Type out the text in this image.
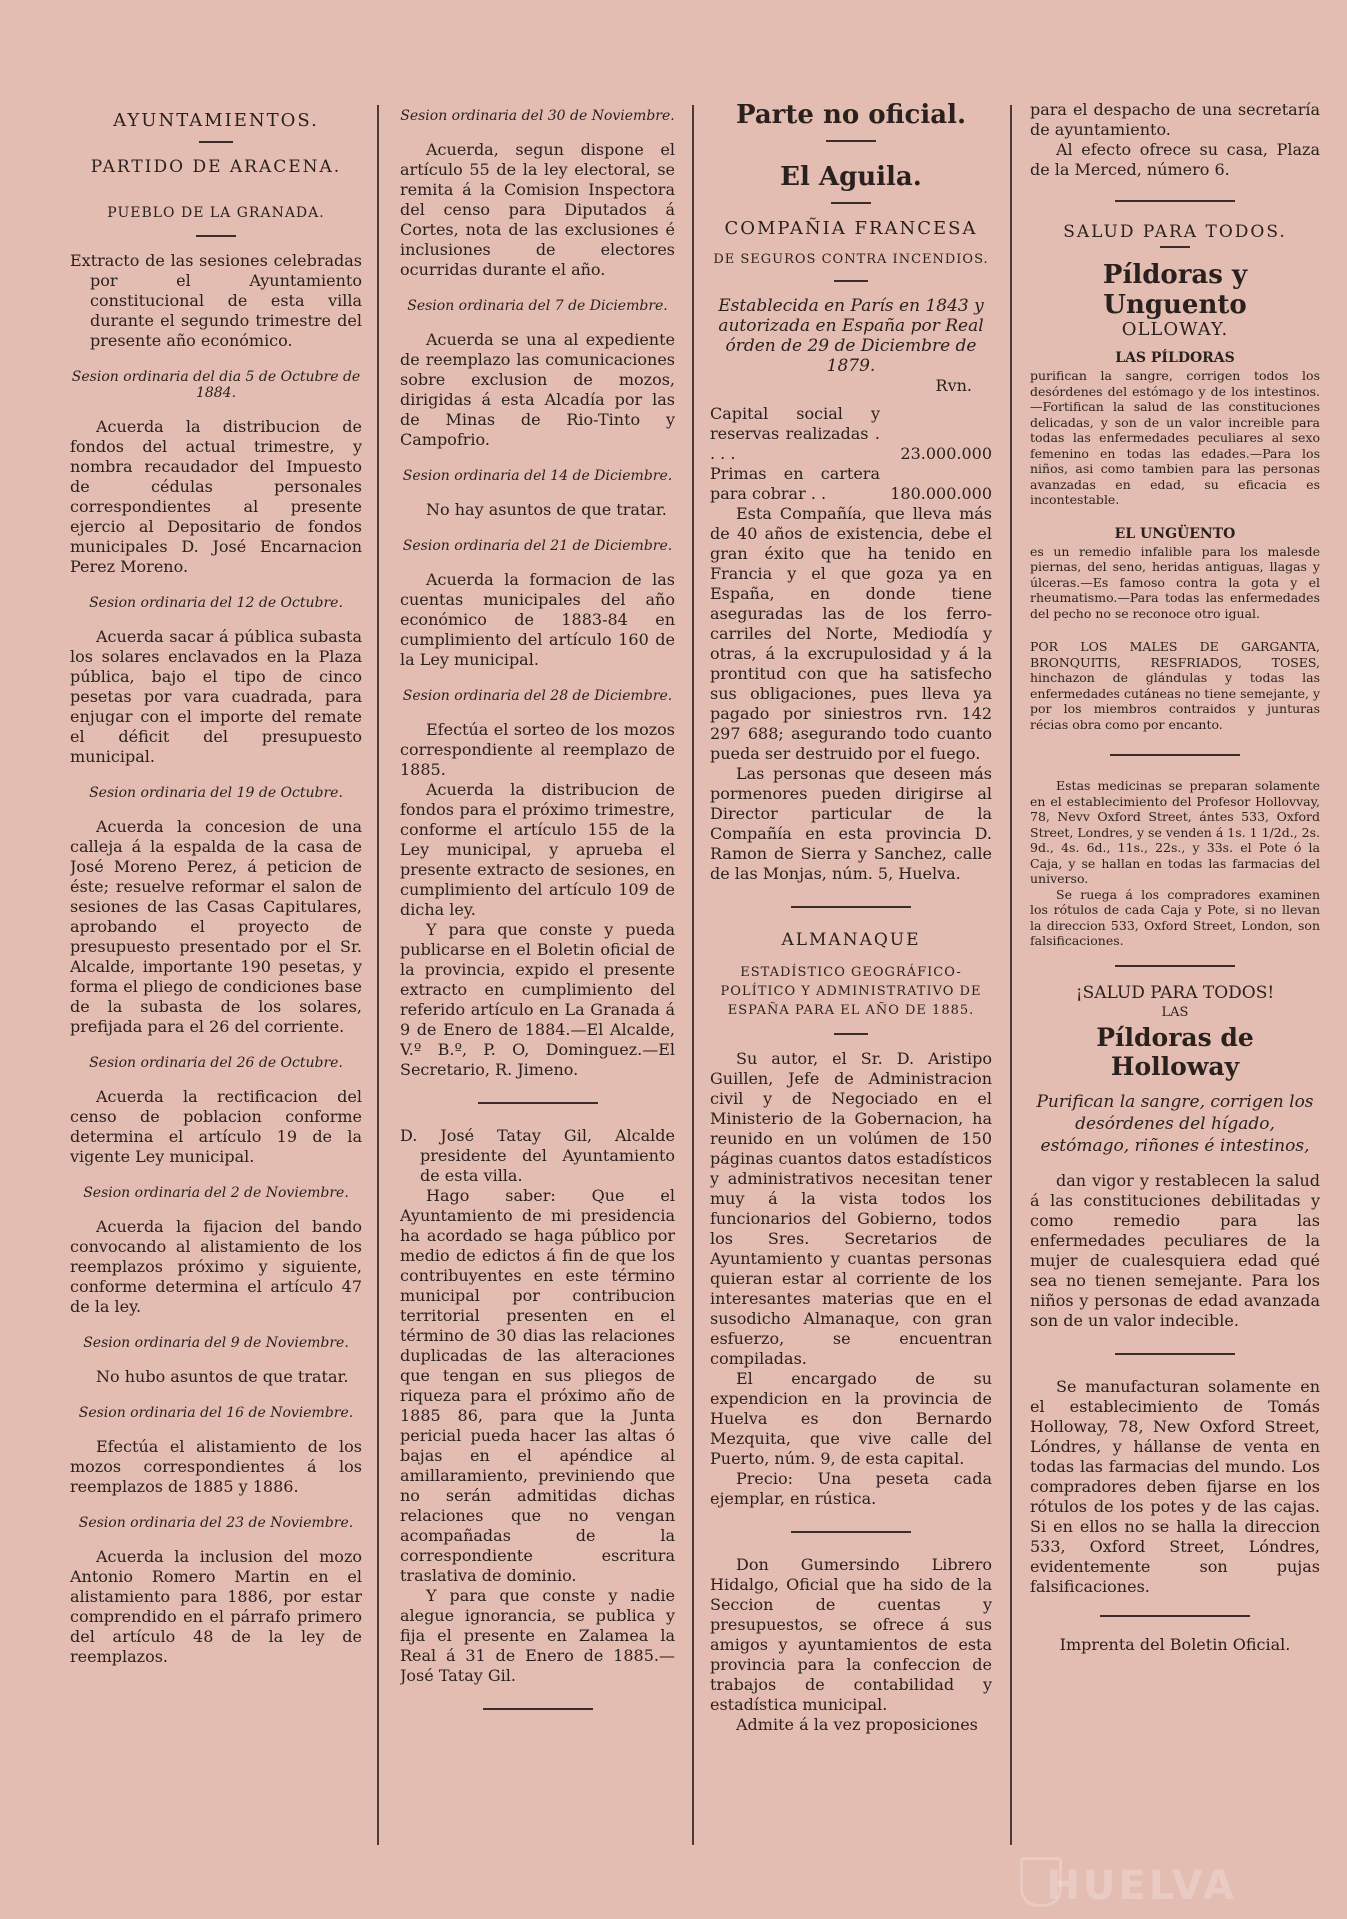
AYUNTAMIENTOS.

PARTIDO DE ARACENA.

PUEBLO DE LA GRANADA.

Extracto de las sesiones celebradas por el Ayuntamiento constitucional de esta villa durante el segundo trimestre del presente año económico.

Sesion ordinaria del dia 5 de Octubre de 1884.

Acuerda la distribucion de fondos del actual trimestre, y nombra recaudador del Impuesto de cédulas personales correspondientes al presente ejercio al Depositario de fondos municipales D. José Encarnacion Perez Moreno.

Sesion ordinaria del 12 de Octubre.

Acuerda sacar á pública subasta los solares enclavados en la Plaza pública, bajo el tipo de cinco pesetas por vara cuadrada, para enjugar con el importe del remate el déficit del presupuesto municipal.

Sesion ordinaria del 19 de Octubre.

Acuerda la concesion de una calleja á la espalda de la casa de José Moreno Perez, á peticion de éste; resuelve reformar el salon de sesiones de las Casas Capitulares, aprobando el proyecto de presupuesto presentado por el Sr. Alcalde, importante 190 pesetas, y forma el pliego de condiciones base de la subasta de los solares, prefijada para el 26 del corriente.

Sesion ordinaria del 26 de Octubre.

Acuerda la rectificacion del censo de poblacion conforme determina el artículo 19 de la vigente Ley municipal.

Sesion ordinaria del 2 de Noviembre.

Acuerda la fijacion del bando convocando al alistamiento de los reemplazos próximo y siguiente, conforme determina el artículo 47 de la ley.

Sesion ordinaria del 9 de Noviembre.

No hubo asuntos de que tratar.

Sesion ordinaria del 16 de Noviembre.

Efectúa el alistamiento de los mozos correspondientes á los reemplazos de 1885 y 1886.

Sesion ordinaria del 23 de Noviembre.

Acuerda la inclusion del mozo Antonio Romero Martin en el alistamiento para 1886, por estar comprendido en el párrafo primero del artículo 48 de la ley de reemplazos.

Sesion ordinaria del 30 de Noviembre.

Acuerda, segun dispone el artículo 55 de la ley electoral, se remita á la Comision Inspectora del censo para Diputados á Cortes, nota de las exclusiones é inclusiones de electores ocurridas durante el año.

Sesion ordinaria del 7 de Diciembre.

Acuerda se una al expediente de reemplazo las comunicaciones sobre exclusion de mozos, dirigidas á esta Alcadía por las de Minas de Rio-Tinto y Campofrio.

Sesion ordinaria del 14 de Diciembre.

No hay asuntos de que tratar.

Sesion ordinaria del 21 de Diciembre.

Acuerda la formacion de las cuentas municipales del año económico de 1883-84 en cumplimiento del artículo 160 de la Ley municipal.

Sesion ordinaria del 28 de Diciembre.

Efectúa el sorteo de los mozos correspondiente al reemplazo de 1885.

Acuerda la distribucion de fondos para el próximo trimestre, conforme el artículo 155 de la Ley municipal, y aprueba el presente extracto de sesiones, en cumplimiento del artículo 109 de dicha ley.

Y para que conste y pueda publicarse en el Boletin oficial de la provincia, expido el presente extracto en cumplimiento del referido artículo en La Granada á 9 de Enero de 1884.—El Alcalde, V.º B.º, P. O, Dominguez.—El Secretario, R. Jimeno.

D. José Tatay Gil, Alcalde presidente del Ayuntamiento de esta villa.

Hago saber: Que el Ayuntamiento de mi presidencia ha acordado se haga público por medio de edictos á fin de que los contribuyentes en este término municipal por contribucion territorial presenten en el término de 30 dias las relaciones duplicadas de las alteraciones que tengan en sus pliegos de riqueza para el próximo año de 1885 86, para que la Junta pericial pueda hacer las altas ó bajas en el apéndice al amillaramiento, previniendo que no serán admitidas dichas relaciones que no vengan acompañadas de la correspondiente escritura traslativa de dominio.

Y para que conste y nadie alegue ignorancia, se publica y fija el presente en Zalamea la Real á 31 de Enero de 1885.—José Tatay Gil.

Parte no oficial.

El Aguila.

COMPAÑIA FRANCESA

DE SEGUROS CONTRA INCENDIOS.

Establecida en París en 1843 y autorizada en España por Real órden de 29 de Diciembre de 1879.

Rvn.

Capital social y reservas realizadas . . . .	23.000.000
Primas en cartera para cobrar . .	180.000.000

Esta Compañía, que lleva más de 40 años de existencia, debe el gran éxito que ha tenido en Francia y el que goza ya en España, en donde tiene aseguradas las de los ferro-carriles del Norte, Mediodía y otras, á la excrupulosidad y á la prontitud con que ha satisfecho sus obligaciones, pues lleva ya pagado por siniestros rvn. 142 297 688; asegurando todo cuanto pueda ser destruido por el fuego.

Las personas que deseen más pormenores pueden dirigirse al Director particular de la Compañía en esta provincia D. Ramon de Sierra y Sanchez, calle de las Monjas, núm. 5, Huelva.

ALMANAQUE

ESTADÍSTICO GEOGRÁFICO-POLÍTICO Y ADMINISTRATIVO DE ESPAÑA PARA EL AÑO DE 1885.

Su autor, el Sr. D. Aristipo Guillen, Jefe de Administracion civil y de Negociado en el Ministerio de la Gobernacion, ha reunido en un volúmen de 150 páginas cuantos datos estadísticos y administrativos necesitan tener muy á la vista todos los funcionarios del Gobierno, todos los Sres. Secretarios de Ayuntamiento y cuantas personas quieran estar al corriente de los interesantes materias que en el susodicho Almanaque, con gran esfuerzo, se encuentran compiladas.

El encargado de su expendicion en la provincia de Huelva es don Bernardo Mezquita, que vive calle del Puerto, núm. 9, de esta capital.

Precio: Una peseta cada ejemplar, en rústica.

Don Gumersindo Librero Hidalgo, Oficial que ha sido de la Seccion de cuentas y presupuestos, se ofrece á sus amigos y ayuntamientos de esta provincia para la confeccion de trabajos de contabilidad y estadística municipal.

Admite á la vez proposiciones

para el despacho de una secretaría de ayuntamiento.

Al efecto ofrece su casa, Plaza de la Merced, número 6.

SALUD PARA TODOS.

Píldoras y Unguento

OLLOWAY.

LAS PÍLDORAS

purifican la sangre, corrigen todos los desórdenes del estómago y de los intestinos.—Fortifican la salud de las constituciones delicadas, y son de un valor increible para todas las enfermedades peculiares al sexo femenino en todas las edades.—Para los niños, asi como tambien para las personas avanzadas en edad, su eficacia es incontestable.

EL UNGÜENTO

es un remedio infalible para los malesde piernas, del seno, heridas antiguas, llagas y úlceras.—Es famoso contra la gota y el rheumatismo.—Para todas las enfermedades del pecho no se reconoce otro igual.

POR LOS MALES DE GARGANTA, BRONQUITIS, RESFRIADOS, TOSES, hinchazon de glándulas y todas las enfermedades cutáneas no tiene semejante, y por los miembros contraidos y junturas récias obra como por encanto.

Estas medicinas se preparan solamente en el establecimiento del Profesor Hollovvay, 78, Nevv Oxford Street, ántes 533, Oxford Street, Londres, y se venden á 1s. 1 1/2d., 2s. 9d., 4s. 6d., 11s., 22s., y 33s. el Pote ó la Caja, y se hallan en todas las farmacias del universo.

Se ruega á los compradores examinen los rótulos de cada Caja y Pote, si no llevan la direccion 533, Oxford Street, London, son falsificaciones.

¡SALUD PARA TODOS!

LAS

Píldoras de Holloway

Purifican la sangre, corrigen los desórdenes del hígado, estómago, riñones é intestinos,

dan vigor y restablecen la salud á las constituciones debilitadas y como remedio para las enfermedades peculiares de la mujer de cualesquiera edad qué sea no tienen semejante. Para los niños y personas de edad avanzada son de un valor indecible.

Se manufacturan solamente en el establecimiento de Tomás Holloway, 78, New Oxford Street, Lóndres, y hállanse de venta en todas las farmacias del mundo. Los compradores deben fijarse en los rótulos de los potes y de las cajas. Si en ellos no se halla la direccion 533, Oxford Street, Lóndres, evidentemente son pujas falsificaciones.

Imprenta del Boletin Oficial.

HUELVA
